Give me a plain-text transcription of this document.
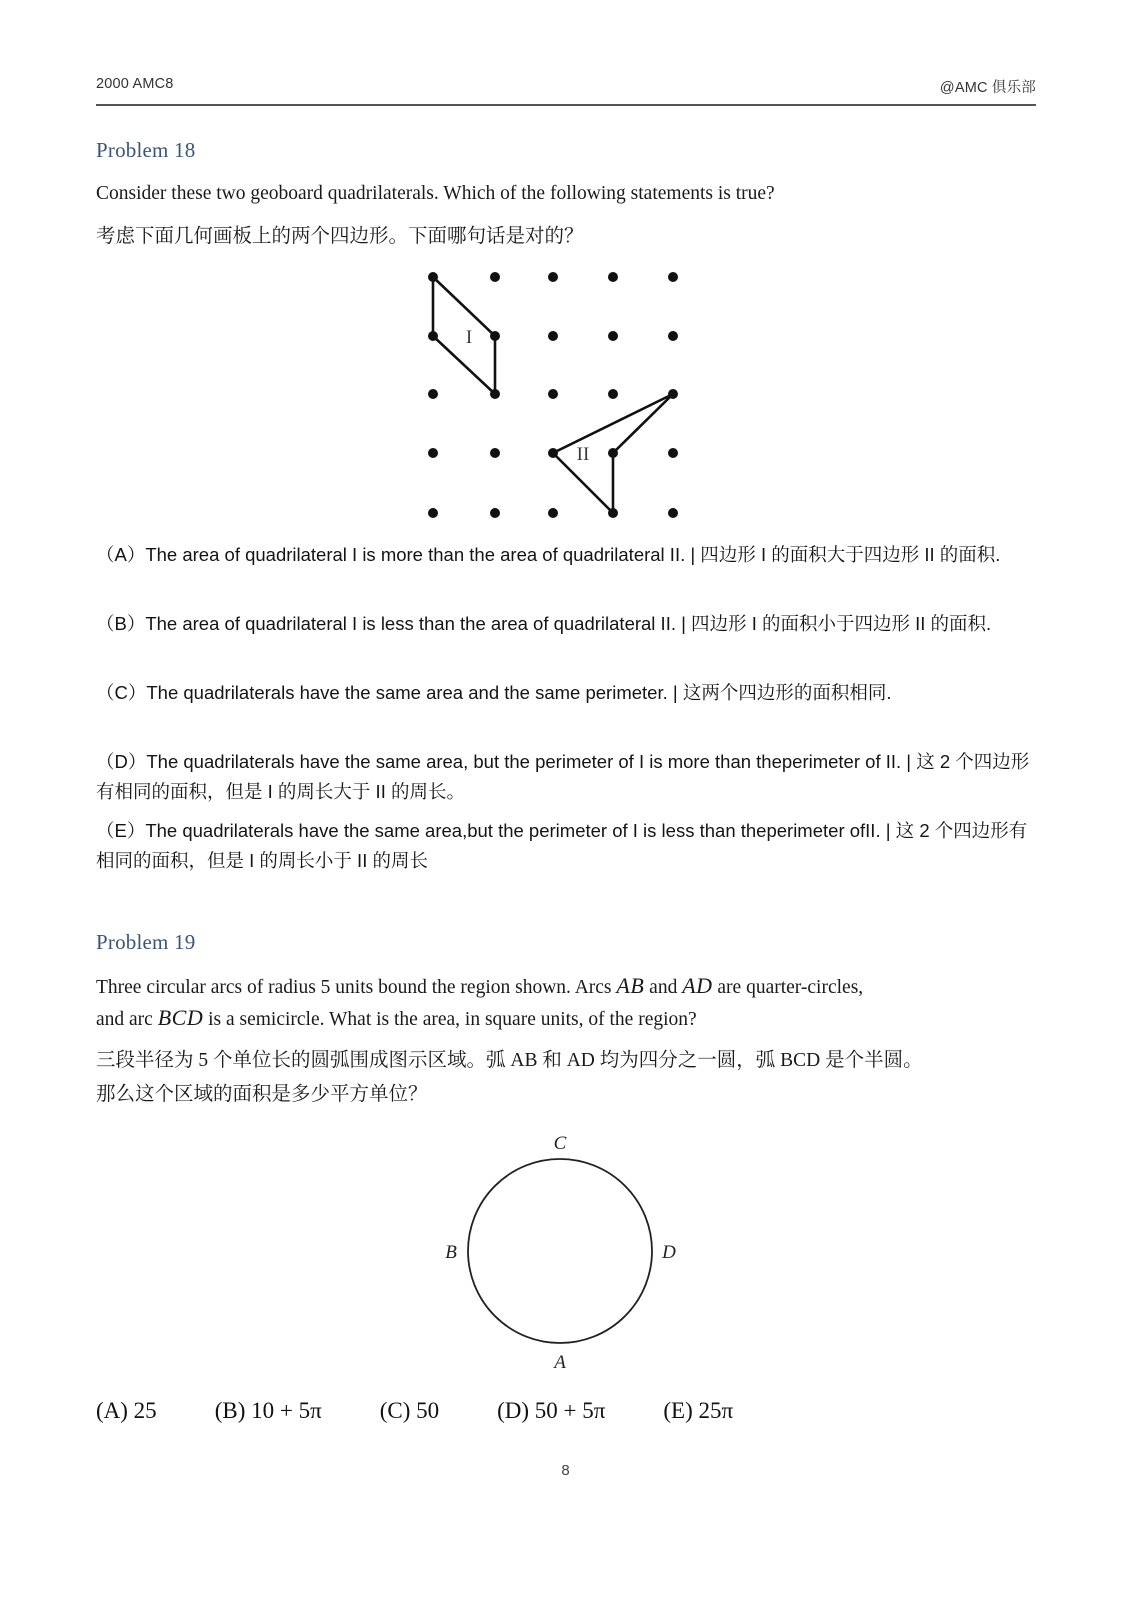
2000 AMC8	@AMC 俱乐部
Problem 18
Consider these two geoboard quadrilaterals. Which of the following statements is true?
考虑下面几何画板上的两个四边形。下面哪句话是对的？
I
II
（A）The area of quadrilateral I is more than the area of quadrilateral II. | 四边形 I 的面积大于四边形 II 的面积.
（B）The area of quadrilateral I is less than the area of quadrilateral II. | 四边形 I 的面积小于四边形 II 的面积.
（C）The quadrilaterals have the same area and the same perimeter. | 这两个四边形的面积相同.
（D）The quadrilaterals have the same area, but the perimeter of I is more than theperimeter of II. | 这 2 个四边形有相同的面积，但是 I 的周长大于 II 的周长。
（E）The quadrilaterals have the same area,but the perimeter of I is less than theperimeter ofII. | 这 2 个四边形有相同的面积，但是 I 的周长小于 II 的周长
Problem 19
Three circular arcs of radius 5 units bound the region shown. Arcs AB and AD are quarter-circles,
and arc BCD is a semicircle. What is the area, in square units, of the region?
三段半径为 5 个单位长的圆弧围成图示区域。弧 AB 和 AD 均为四分之一圆，弧 BCD 是个半圆。
那么这个区域的面积是多少平方单位？
C
B	D
A
(A) 25	(B) 10 + 5π	(C) 50	(D) 50 + 5π	(E) 25π
8
